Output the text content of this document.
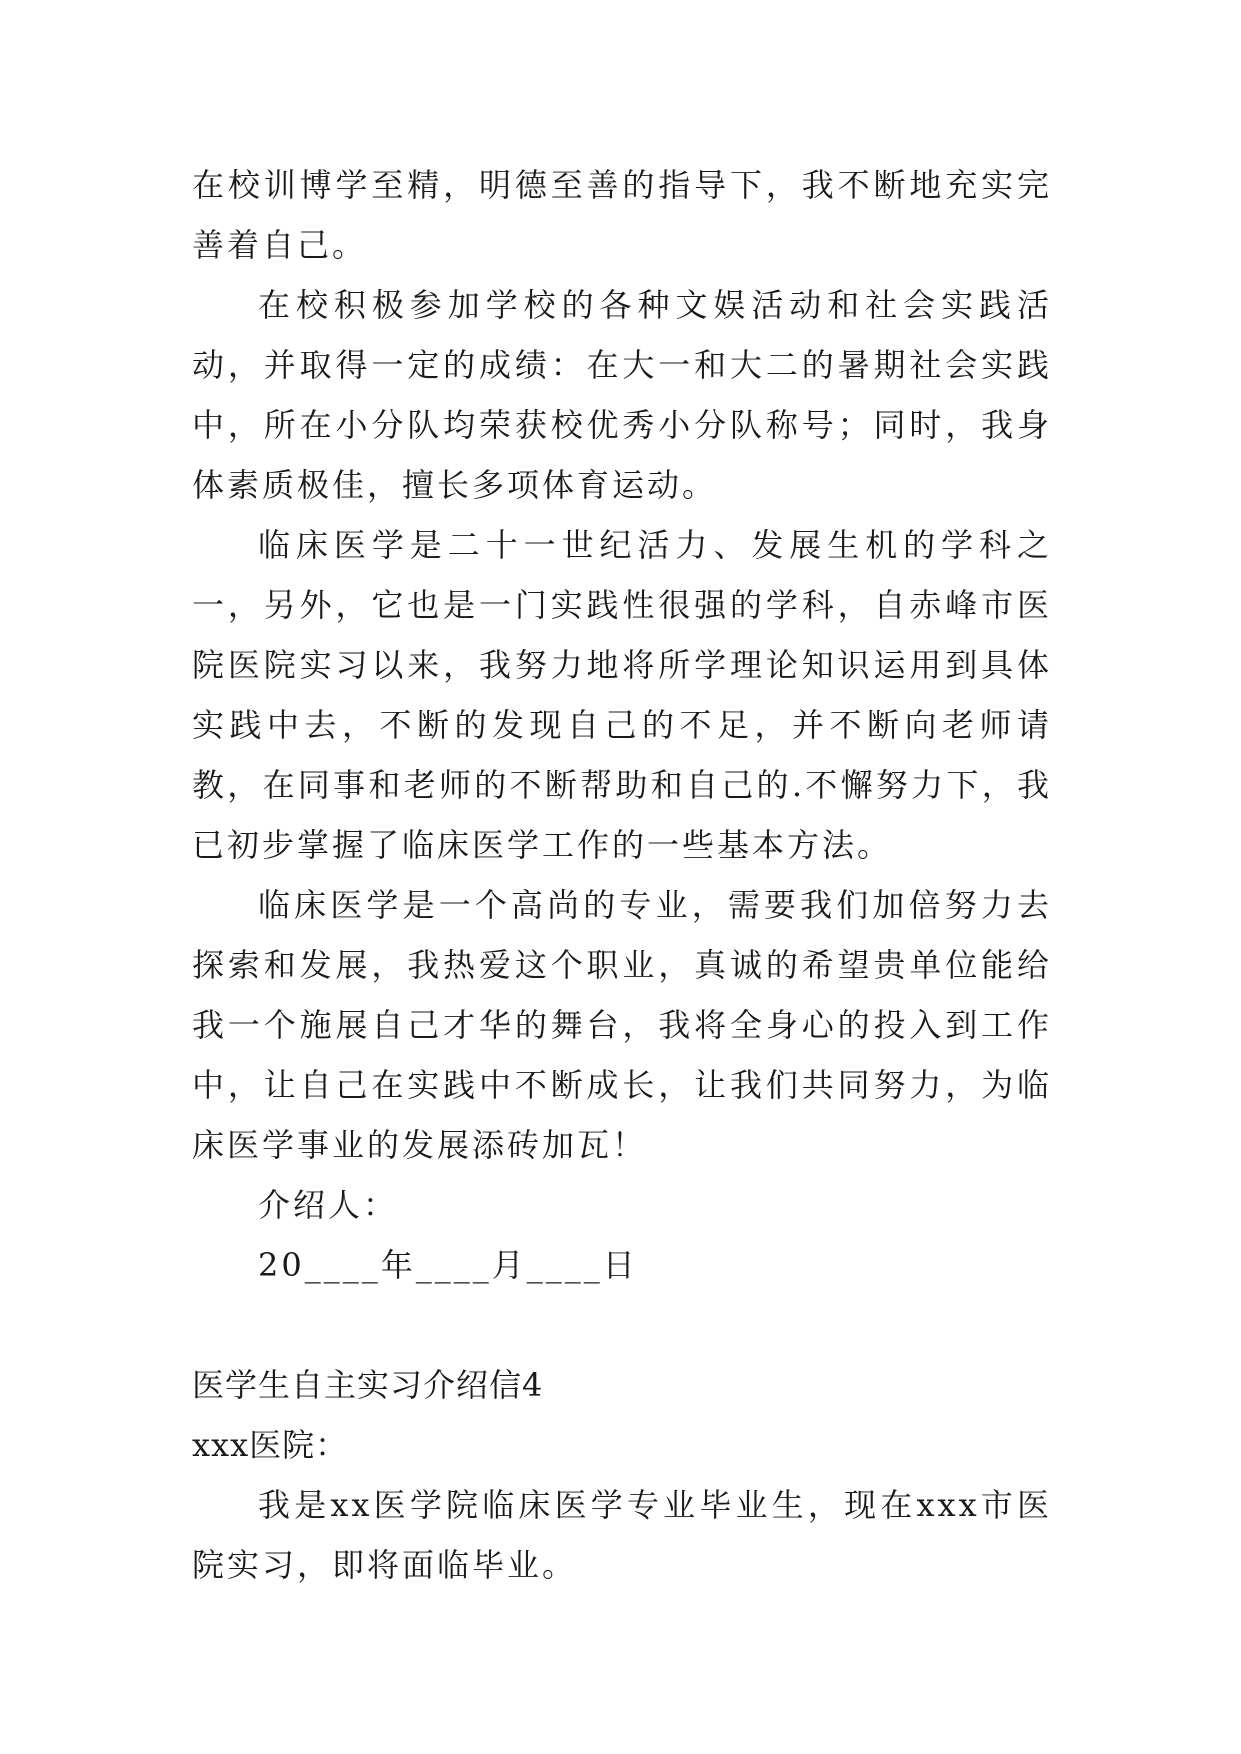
在校训博学至精，明德至善的指导下，我不断地充实完善着自己。

在校积极参加学校的各种文娱活动和社会实践活动，并取得一定的成绩：在大一和大二的暑期社会实践中，所在小分队均荣获校优秀小分队称号；同时，我身体素质极佳，擅长多项体育运动。

临床医学是二十一世纪活力、发展生机的学科之一，另外，它也是一门实践性很强的学科，自赤峰市医院医院实习以来，我努力地将所学理论知识运用到具体实践中去，不断的发现自己的不足，并不断向老师请教，在同事和老师的不断帮助和自己的.不懈努力下，我已初步掌握了临床医学工作的一些基本方法。

临床医学是一个高尚的专业，需要我们加倍努力去探索和发展，我热爱这个职业，真诚的希望贵单位能给我一个施展自己才华的舞台，我将全身心的投入到工作中，让自己在实践中不断成长，让我们共同努力，为临床医学事业的发展添砖加瓦！

介绍人：

20____年____月____日

医学生自主实习介绍信4

xxx医院：

我是xx医学院临床医学专业毕业生，现在xxx市医院实习，即将面临毕业。
